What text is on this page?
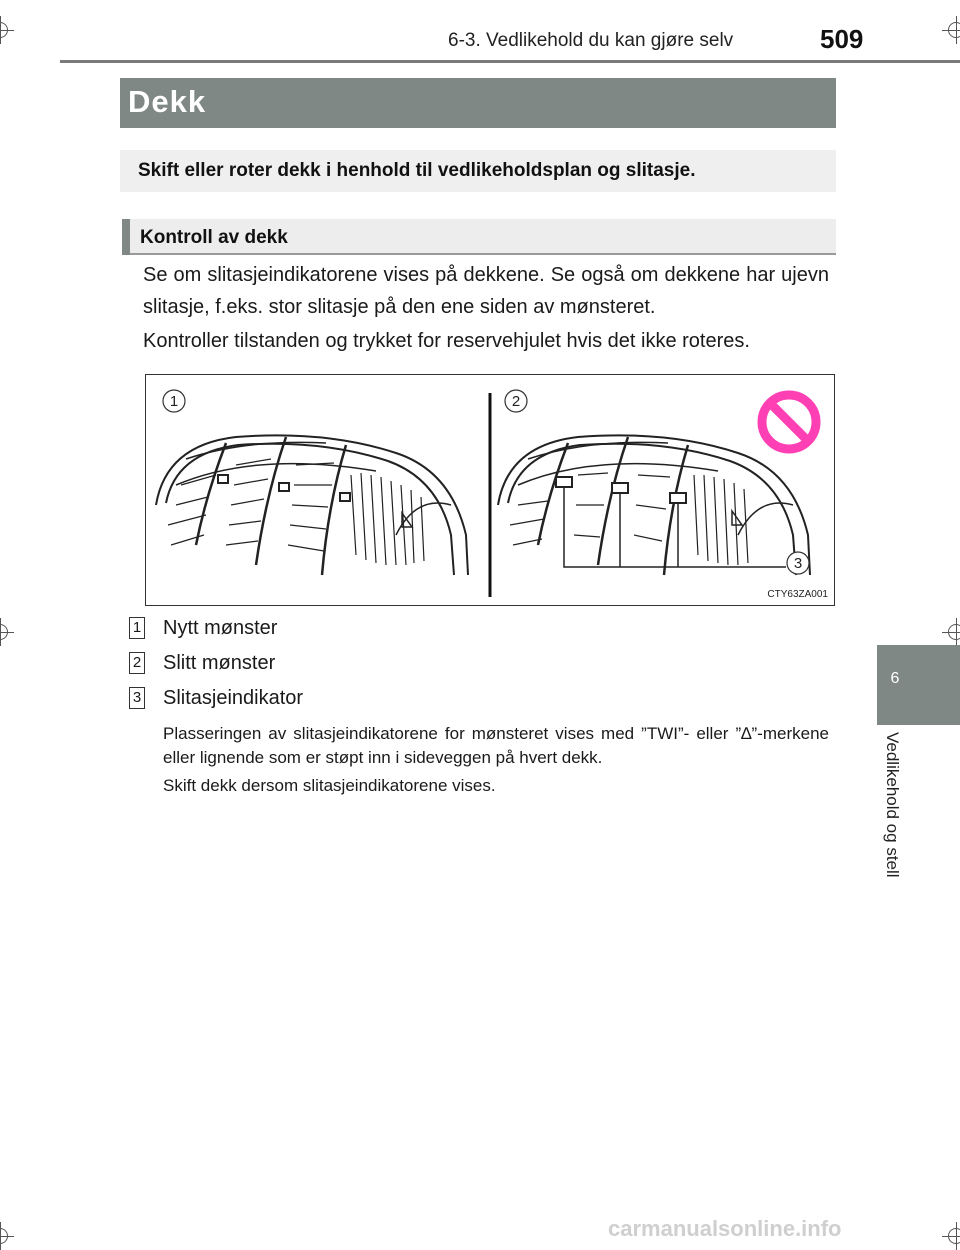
6-3. Vedlikehold du kan gjøre selv	509
Dekk
Skift eller roter dekk i henhold til vedlikeholdsplan og slitasje.
Kontroll av dekk
Se om slitasjeindikatorene vises på dekkene. Se også om dekkene har ujevn slitasje, f.eks. stor slitasje på den ene siden av mønsteret.
Kontroller tilstanden og trykket for reservehjulet hvis det ikke roteres.
1	2
3
CTY63ZA001
1 Nytt mønster
2 Slitt mønster
3 Slitasjeindikator
Plasseringen av slitasjeindikatorene for mønsteret vises med ”TWI”- eller ”∆”-merkene eller lignende som er støpt inn i sideveggen på hvert dekk.
Skift dekk dersom slitasjeindikatorene vises.
6
Vedlikehold og stell
carmanualsonline.info
